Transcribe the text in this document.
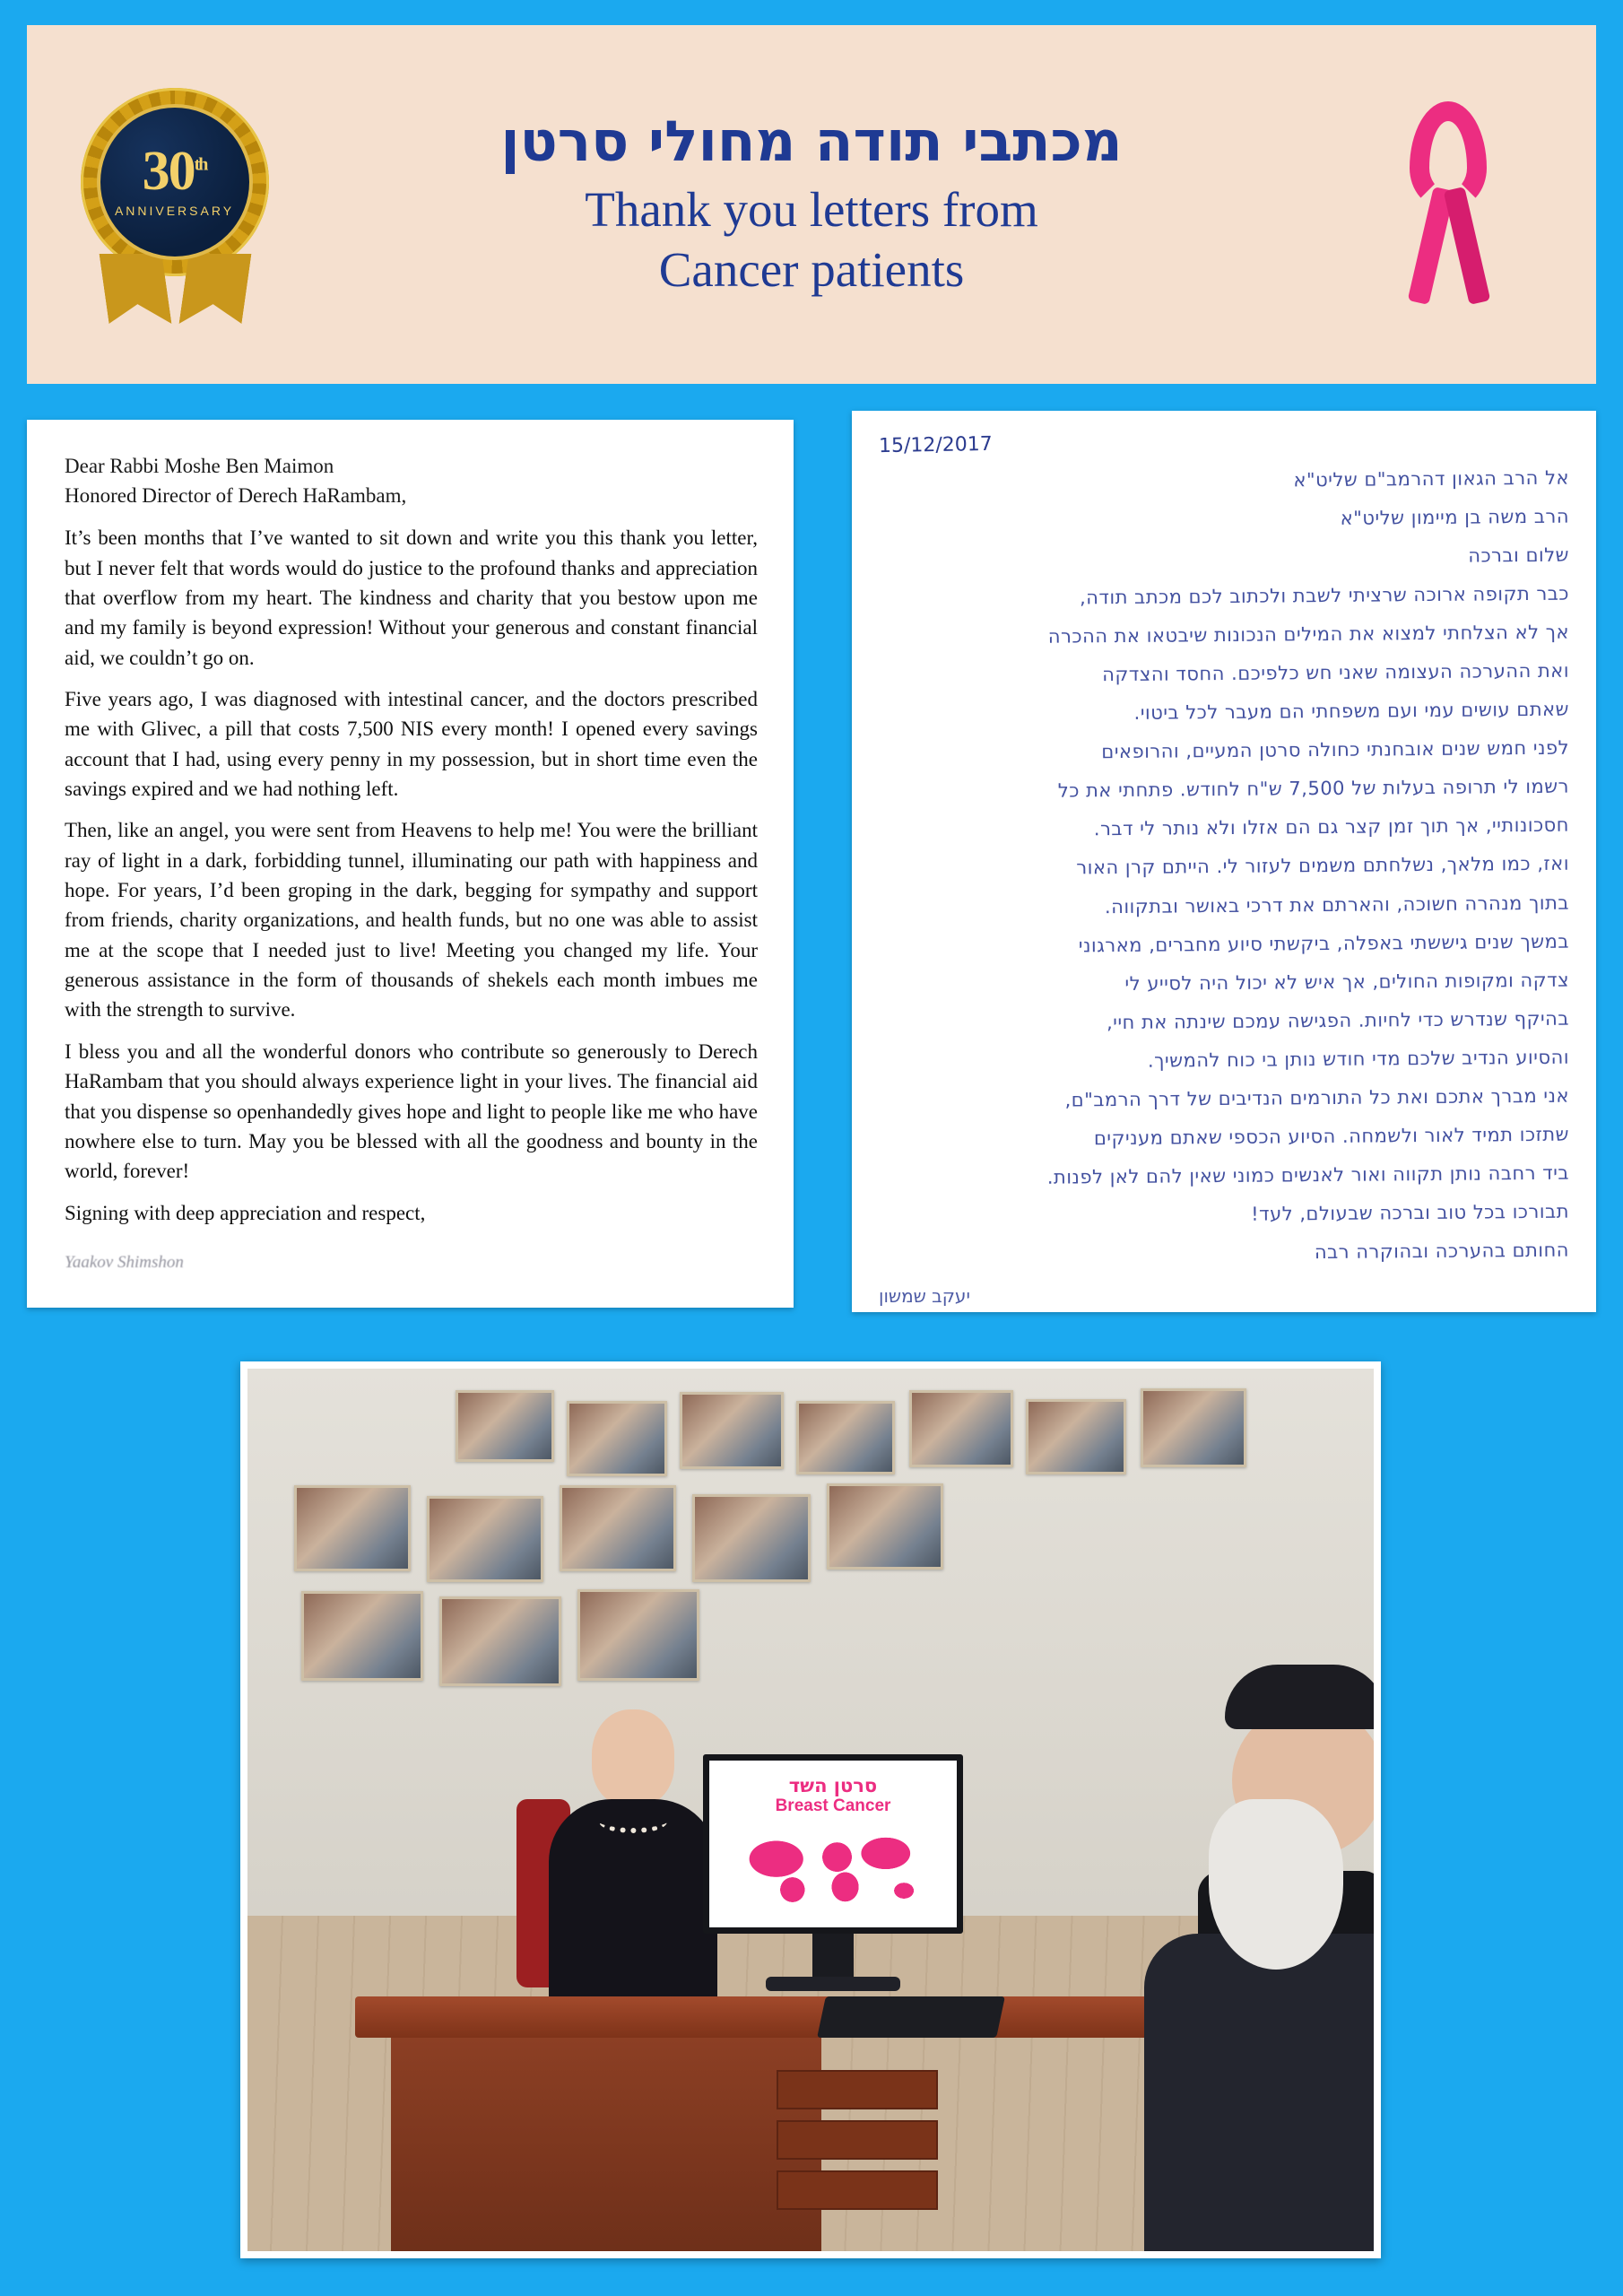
30th
ANNIVERSARY
מכתבי תודה מחולי סרטן
Thank you letters from
Cancer patients
Dear Rabbi Moshe Ben Maimon
Honored Director of Derech HaRambam,

It’s been months that I’ve wanted to sit down and write you this thank you letter, but I never felt that words would do justice to the profound thanks and appreciation that overflow from my heart. The kindness and charity that you bestow upon me and my family is beyond expression! Without your generous and constant financial aid, we couldn’t go on.

Five years ago, I was diagnosed with intestinal cancer, and the doctors prescribed me with Glivec, a pill that costs 7,500 NIS every month! I opened every savings account that I had, using every penny in my possession, but in short time even the savings expired and we had nothing left.

Then, like an angel, you were sent from Heavens to help me! You were the brilliant ray of light in a dark, forbidding tunnel, illuminating our path with happiness and hope. For years, I’d been groping in the dark, begging for sympathy and support from friends, charity organizations, and health funds, but no one was able to assist me at the scope that I needed just to live! Meeting you changed my life. Your generous assistance in the form of thousands of shekels each month imbues me with the strength to survive.

I bless you and all the wonderful donors who contribute so generously to Derech HaRambam that you should always experience light in your lives. The financial aid that you dispense so openhandedly gives hope and light to people like me who have nowhere else to turn. May you be blessed with all the goodness and bounty in the world, forever!

Signing with deep appreciation and respect,

Yaakov Shimshon
15/12/2017
אל הרב הגאון דהרמב"ם שליט"א
הרב משה בן מיימון שליט"א
שלום וברכה
כבר תקופה ארוכה שרציתי לשבת ולכתוב לכם מכתב תודה,
אך לא הצלחתי למצוא את המילים הנכונות שיבטאו את ההכרה
ואת ההערכה העצומה שאני חש כלפיכם. החסד והצדקה
שאתם עושים עמי ועם משפחתי הם מעבר לכל ביטוי.
לפני חמש שנים אובחנתי כחולה סרטן המעיים, והרופאים
רשמו לי תרופה בעלות של 7,500 ש"ח לחודש. פתחתי את כל
חסכונותיי, אך תוך זמן קצר גם הם אזלו ולא נותר לי דבר.
ואז, כמו מלאך, נשלחתם משמים לעזור לי. הייתם קרן האור
בתוך מנהרה חשוכה, והארתם את דרכי באושר ובתקווה.
במשך שנים גיששתי באפלה, ביקשתי סיוע מחברים, מארגוני
צדקה ומקופות החולים, אך איש לא יכול היה לסייע לי
בהיקף שנדרש כדי לחיות. הפגישה עמכם שינתה את חיי,
והסיוע הנדיב שלכם מדי חודש נותן בי כוח להמשיך.
אני מברך אתכם ואת כל התורמים הנדיבים של דרך הרמב"ם,
שתזכו תמיד לאור ולשמחה. הסיוע הכספי שאתם מעניקים
ביד רחבה נותן תקווה ואור לאנשים כמוני שאין להם לאן לפנות.
תבורכו בכל טוב וברכה שבעולם, לעד!
החותם בהערכה ובהוקרה רבה
יעקב שמשון
סרטן השד
Breast Cancer
